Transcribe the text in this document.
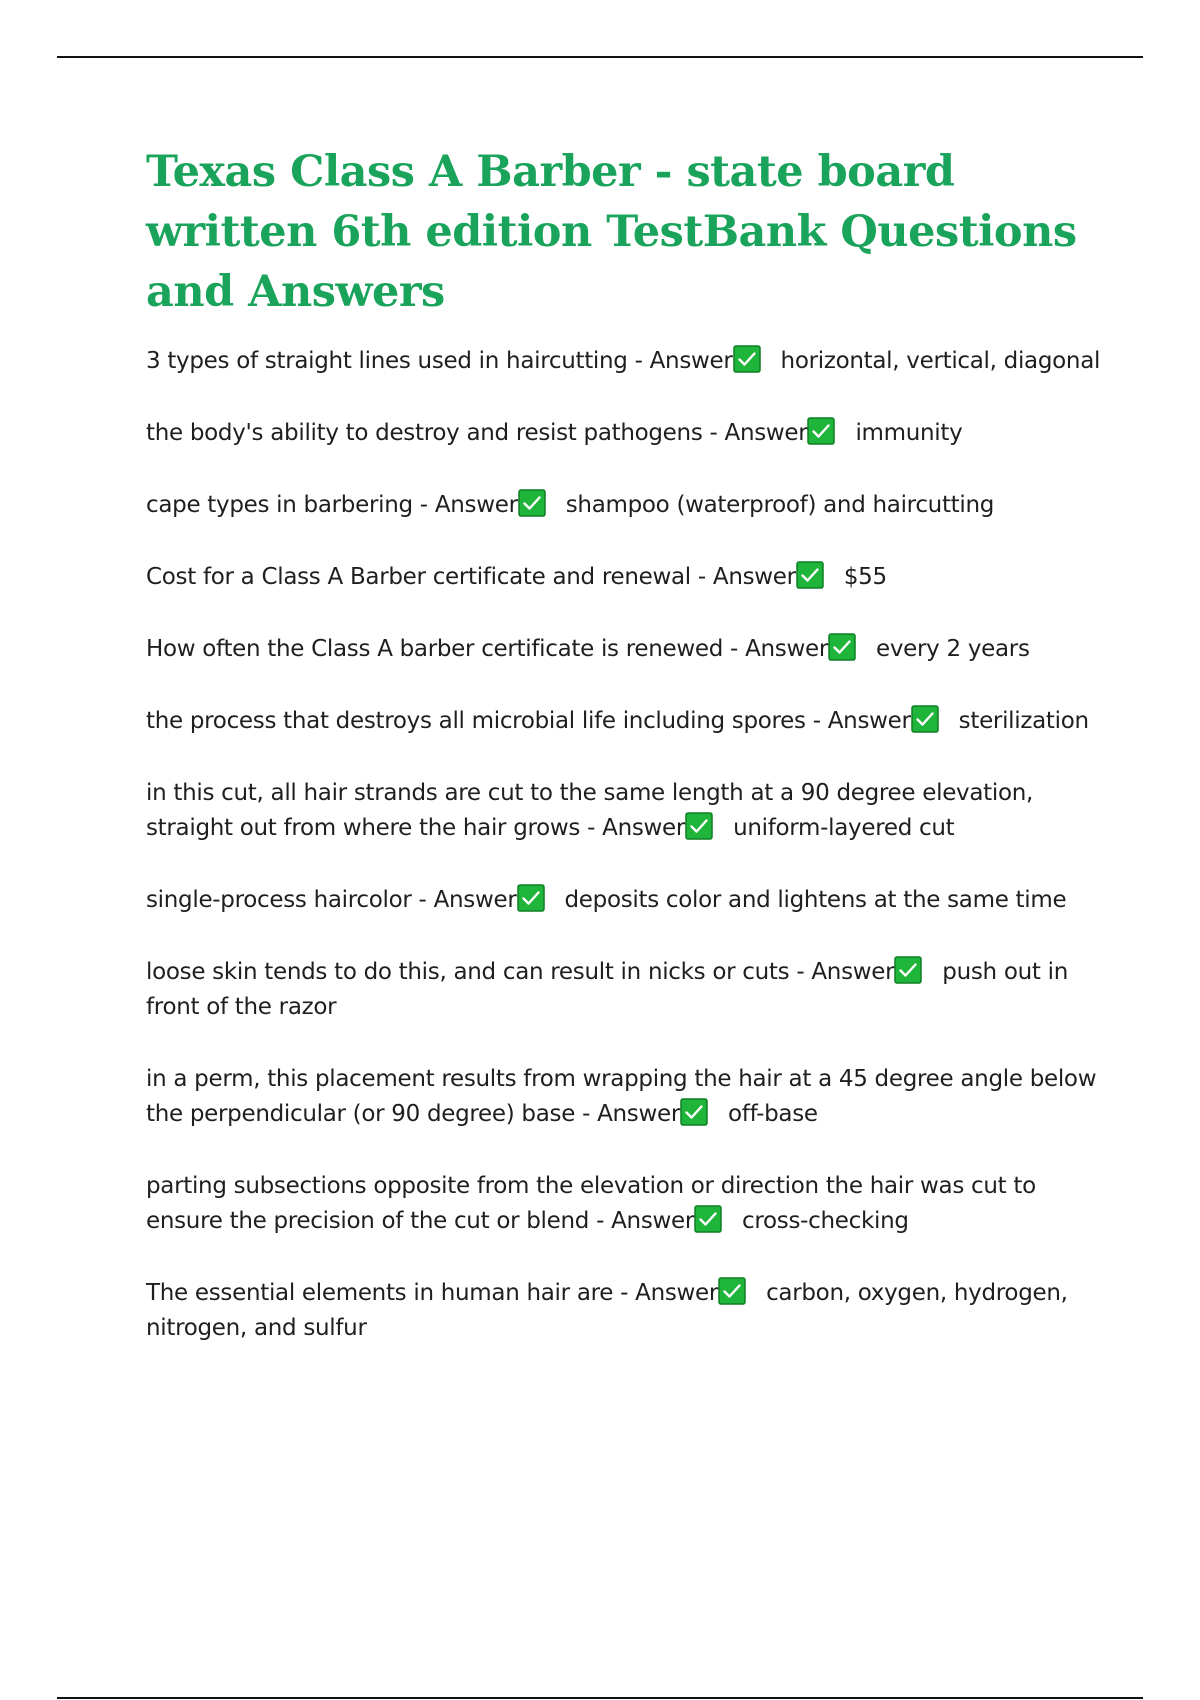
Texas Class A Barber - state board written 6th edition TestBank Questions and Answers
3 types of straight lines used in haircutting - Answer horizontal, vertical, diagonal
the body's ability to destroy and resist pathogens - Answer immunity
cape types in barbering - Answer shampoo (waterproof) and haircutting
Cost for a Class A Barber certificate and renewal - Answer $55
How often the Class A barber certificate is renewed - Answer every 2 years
the process that destroys all microbial life including spores - Answer sterilization
in this cut, all hair strands are cut to the same length at a 90 degree elevation, straight out from where the hair grows - Answer uniform-layered cut
single-process haircolor - Answer deposits color and lightens at the same time
loose skin tends to do this, and can result in nicks or cuts - Answer push out in front of the razor
in a perm, this placement results from wrapping the hair at a 45 degree angle below the perpendicular (or 90 degree) base - Answer off-base
parting subsections opposite from the elevation or direction the hair was cut to ensure the precision of the cut or blend - Answer cross-checking
The essential elements in human hair are - Answer carbon, oxygen, hydrogen, nitrogen, and sulfur
